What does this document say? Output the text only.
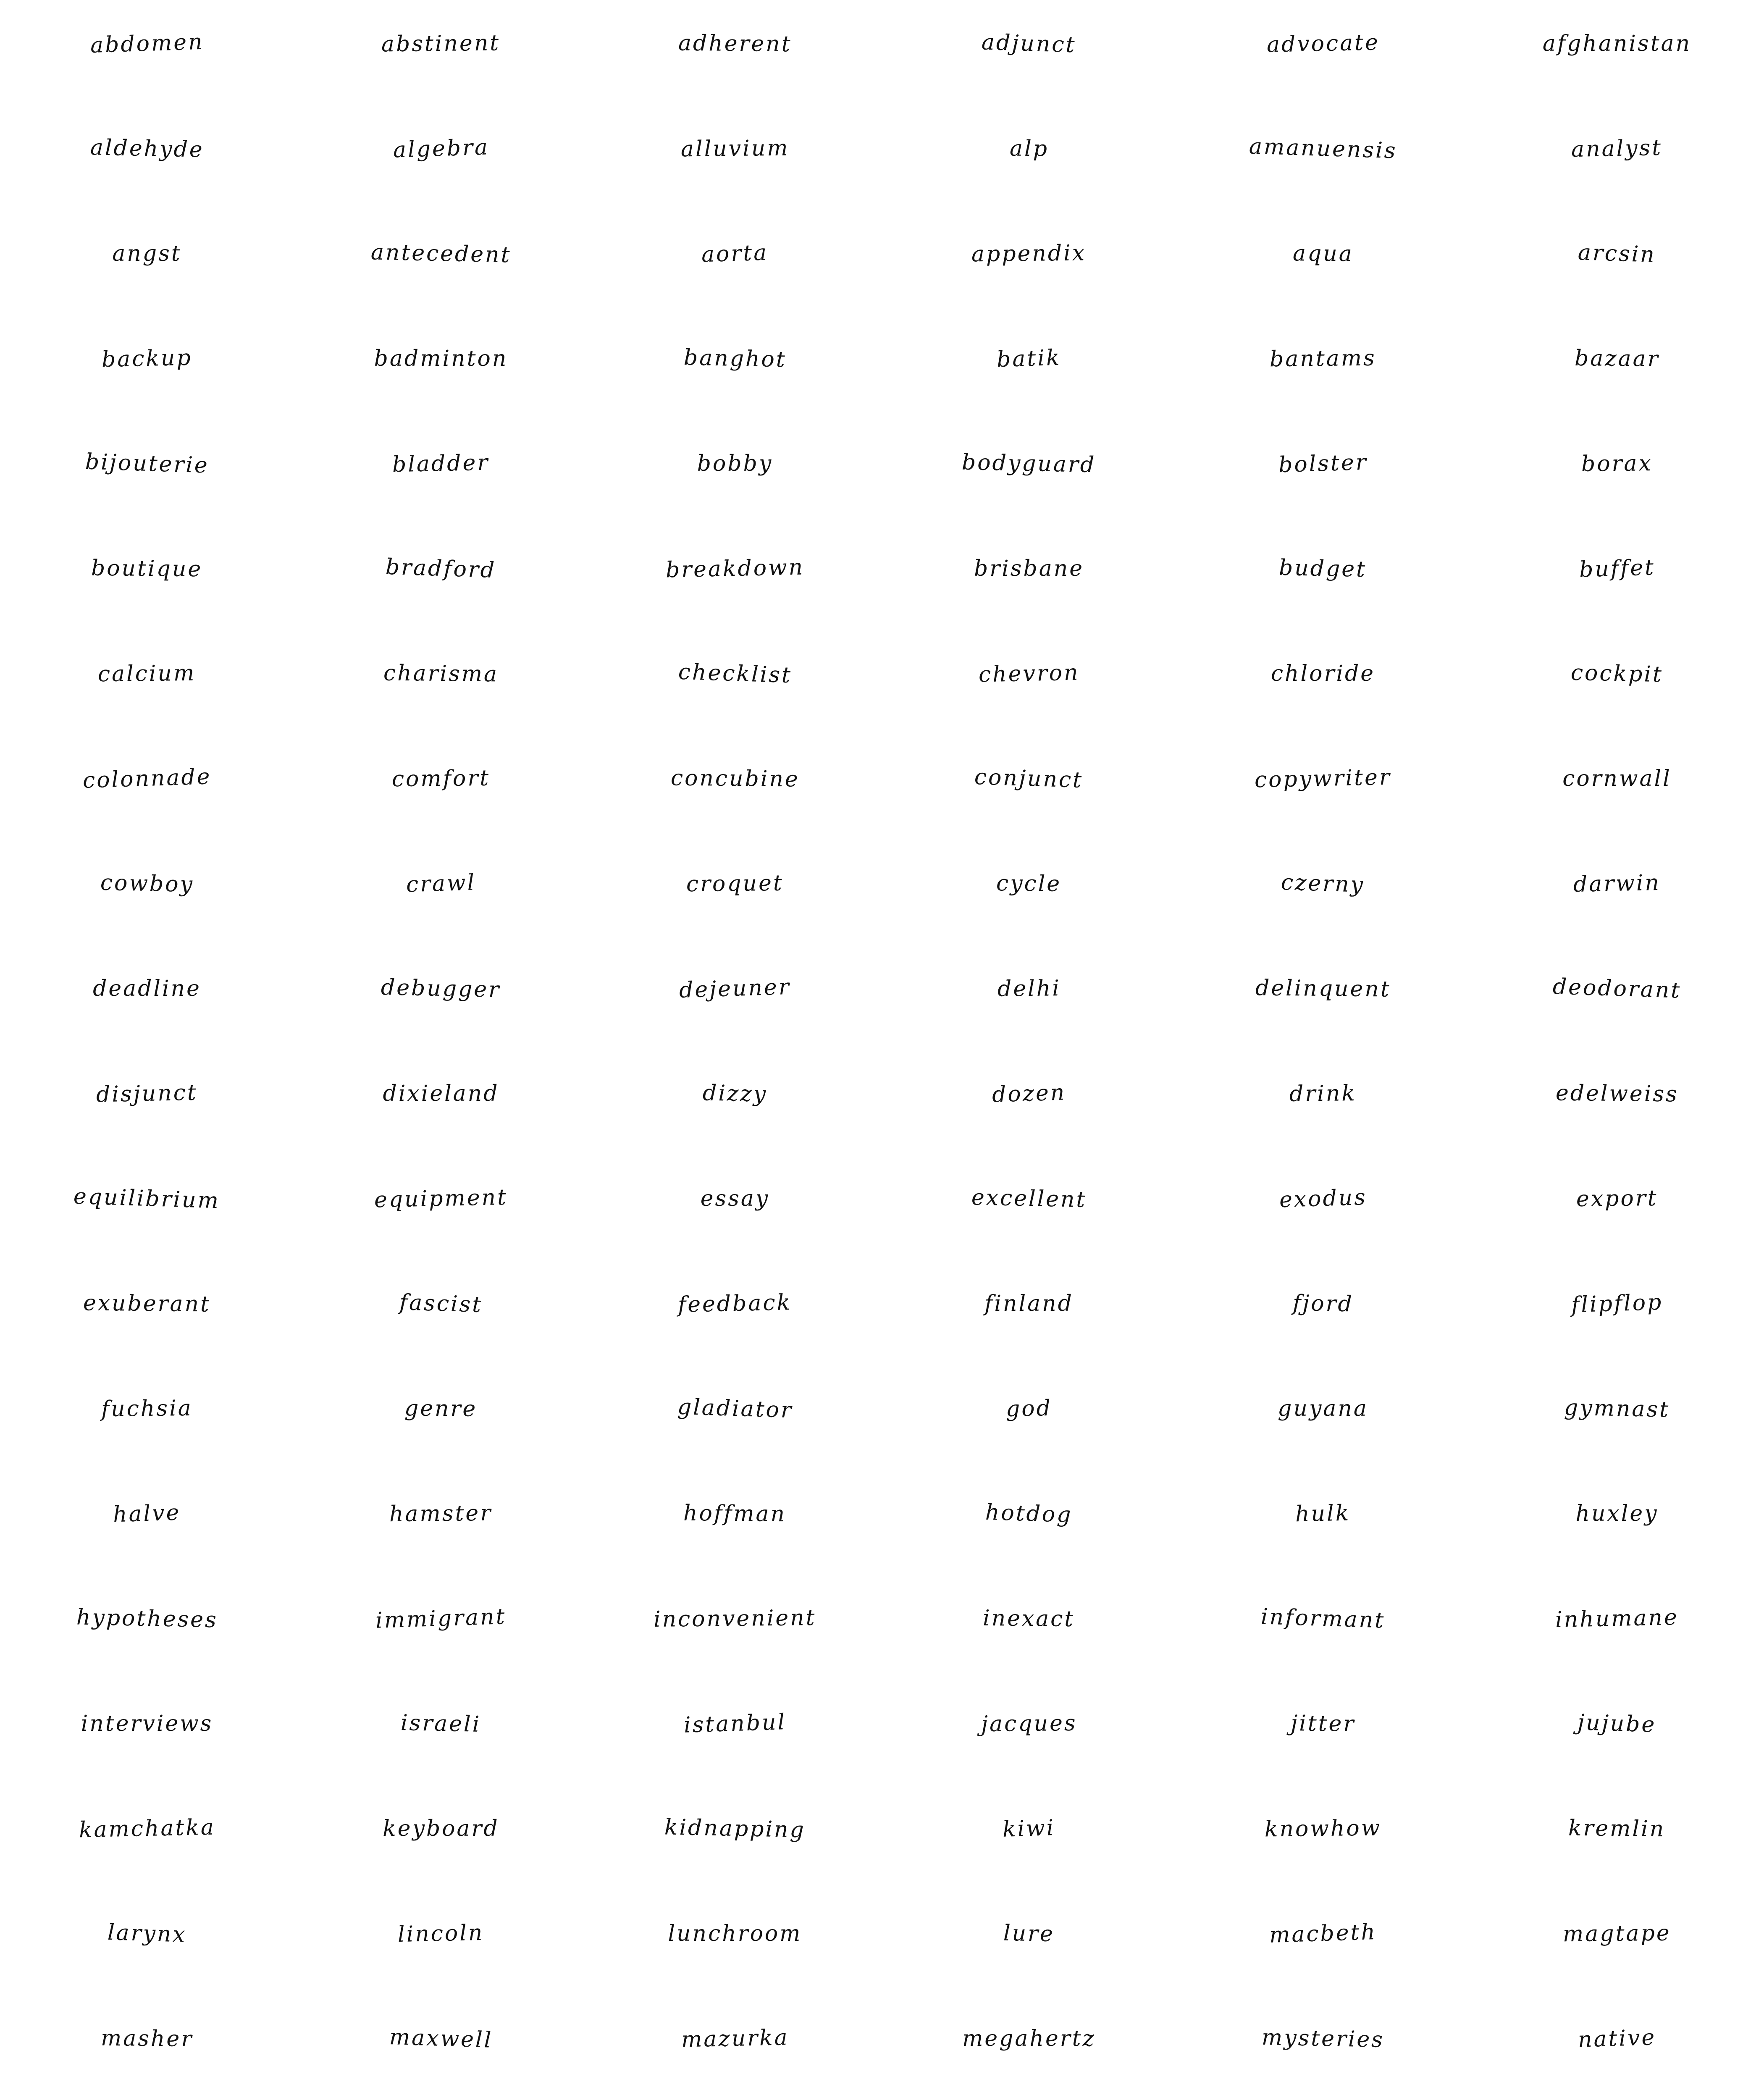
abdomen	abstinent	adherent	adjunct	advocate	afghanistan
aldehyde	algebra	alluvium	alp	amanuensis	analyst
angst	antecedent	aorta	appendix	aqua	arcsin
backup	badminton	banghot	batik	bantams	bazaar
bijouterie	bladder	bobby	bodyguard	bolster	borax
boutique	bradford	breakdown	brisbane	budget	buffet
calcium	charisma	checklist	chevron	chloride	cockpit
colonnade	comfort	concubine	conjunct	copywriter	cornwall
cowboy	crawl	croquet	cycle	czerny	darwin
deadline	debugger	dejeuner	delhi	delinquent	deodorant
disjunct	dixieland	dizzy	dozen	drink	edelweiss
equilibrium	equipment	essay	excellent	exodus	export
exuberant	fascist	feedback	finland	fjord	flipflop
fuchsia	genre	gladiator	god	guyana	gymnast
halve	hamster	hoffman	hotdog	hulk	huxley
hypotheses	immigrant	inconvenient	inexact	informant	inhumane
interviews	israeli	istanbul	jacques	jitter	jujube
kamchatka	keyboard	kidnapping	kiwi	knowhow	kremlin
larynx	lincoln	lunchroom	lure	macbeth	magtape
masher	maxwell	mazurka	megahertz	mysteries	native
